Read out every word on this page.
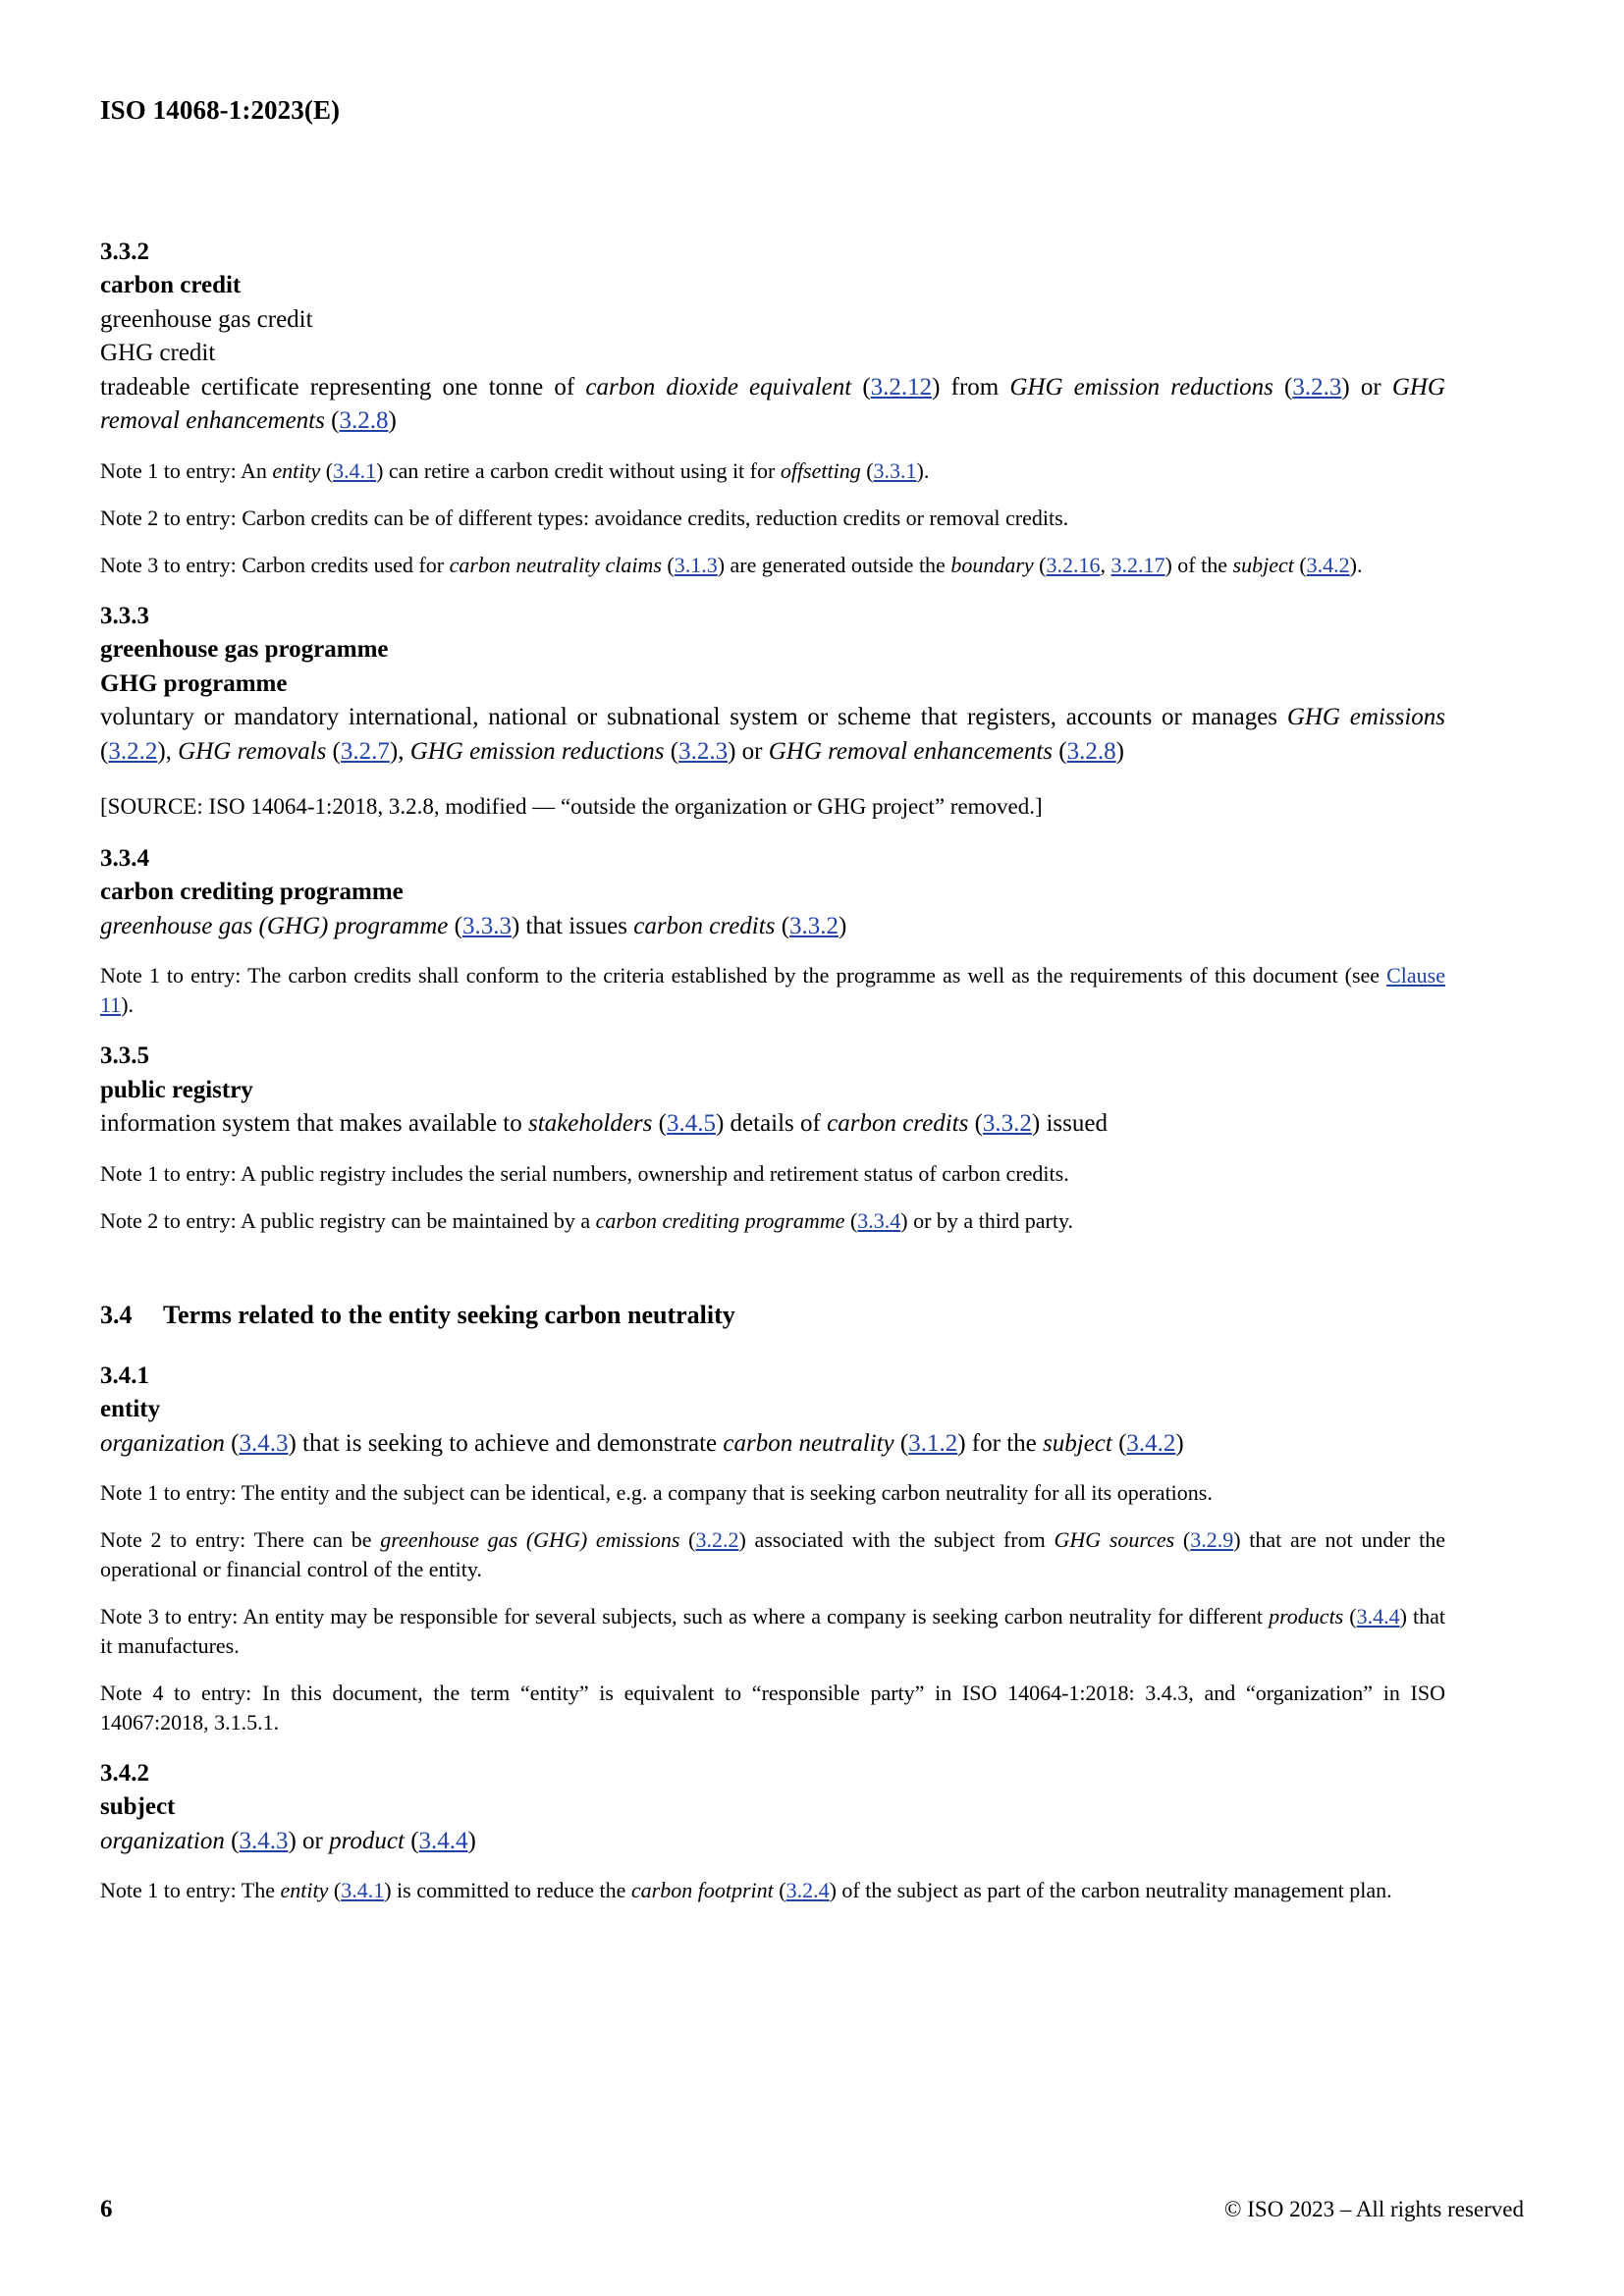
ISO 14068-1:2023(E)
3.3.2
carbon credit
greenhouse gas credit
GHG credit

tradeable certificate representing one tonne of carbon dioxide equivalent (3.2.12) from GHG emission reductions (3.2.3) or GHG removal enhancements (3.2.8)

Note 1 to entry: An entity (3.4.1) can retire a carbon credit without using it for offsetting (3.3.1).

Note 2 to entry: Carbon credits can be of different types: avoidance credits, reduction credits or removal credits.

Note 3 to entry: Carbon credits used for carbon neutrality claims (3.1.3) are generated outside the boundary (3.2.16, 3.2.17) of the subject (3.4.2).

3.3.3
greenhouse gas programme
GHG programme

voluntary or mandatory international, national or subnational system or scheme that registers, accounts or manages GHG emissions (3.2.2), GHG removals (3.2.7), GHG emission reductions (3.2.3) or GHG removal enhancements (3.2.8)

[SOURCE: ISO 14064-1:2018, 3.2.8, modified — “outside the organization or GHG project” removed.]

3.3.4
carbon crediting programme

greenhouse gas (GHG) programme (3.3.3) that issues carbon credits (3.3.2)

Note 1 to entry: The carbon credits shall conform to the criteria established by the programme as well as the requirements of this document (see Clause 11).

3.3.5
public registry

information system that makes available to stakeholders (3.4.5) details of carbon credits (3.3.2) issued

Note 1 to entry: A public registry includes the serial numbers, ownership and retirement status of carbon credits.

Note 2 to entry: A public registry can be maintained by a carbon crediting programme (3.3.4) or by a third party.

3.4	Terms related to the entity seeking carbon neutrality
3.4.1
entity

organization (3.4.3) that is seeking to achieve and demonstrate carbon neutrality (3.1.2) for the subject (3.4.2)

Note 1 to entry: The entity and the subject can be identical, e.g. a company that is seeking carbon neutrality for all its operations.

Note 2 to entry: There can be greenhouse gas (GHG) emissions (3.2.2) associated with the subject from GHG sources (3.2.9) that are not under the operational or financial control of the entity.

Note 3 to entry: An entity may be responsible for several subjects, such as where a company is seeking carbon neutrality for different products (3.4.4) that it manufactures.

Note 4 to entry: In this document, the term “entity” is equivalent to “responsible party” in ISO 14064-1:2018: 3.4.3, and “organization” in ISO 14067:2018, 3.1.5.1.

3.4.2
subject

organization (3.4.3) or product (3.4.4)

Note 1 to entry: The entity (3.4.1) is committed to reduce the carbon footprint (3.2.4) of the subject as part of the carbon neutrality management plan.

6	© ISO 2023 – All rights reserved
